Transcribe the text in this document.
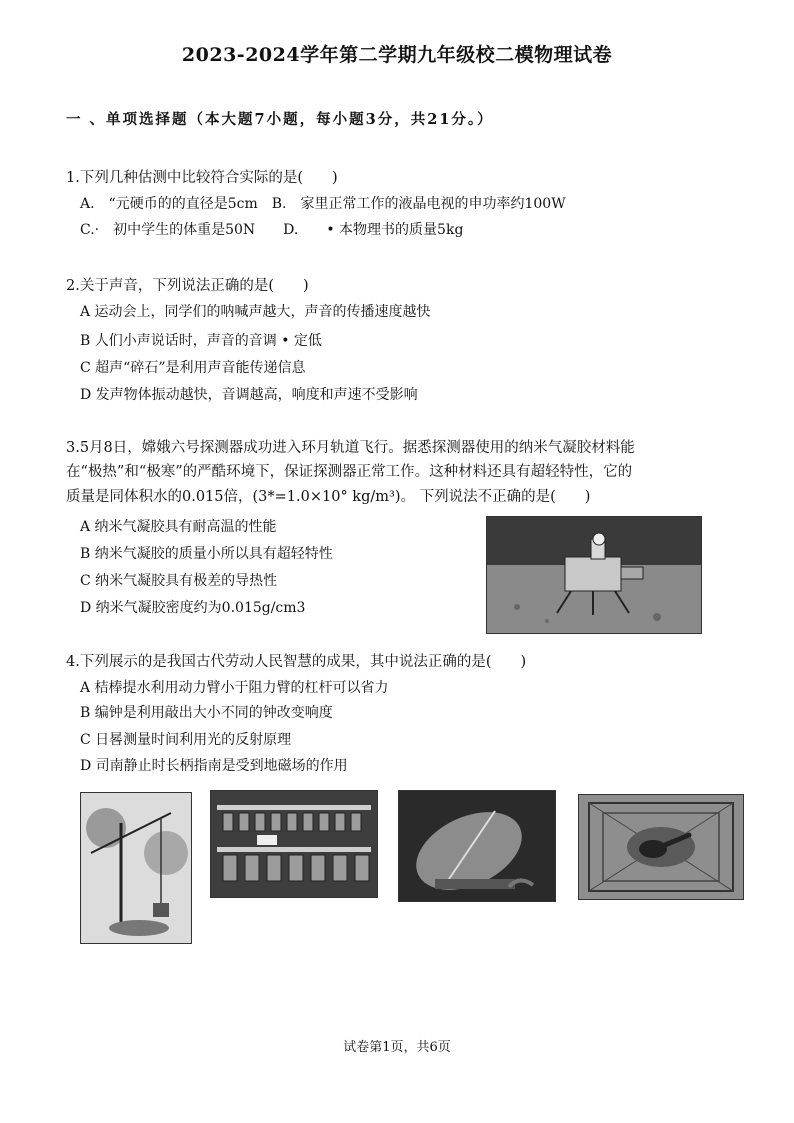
2023-2024学年第二学期九年级校二模物理试卷
一 、单项选择题（本大题7小题，每小题3分，共21分。）
1.下列几种估测中比较符合实际的是(　　)
A.　“元硬币的的直径是5cm　B.　家里正常工作的液晶电视的申功率约100W
C.·　初中学生的体重是50N　　D.　　• 本物理书的质量5kg
2.关于声音，下列说法正确的是(　　)
A 运动会上，同学们的呐喊声越大，声音的传播速度越快
B 人们小声说话时，声音的音调 • 定低
C 超声“碎石”是利用声音能传递信息
D 发声物体振动越快，音调越高，响度和声速不受影响
3.5月8日，嫦娥六号探测器成功进入环月轨道飞行。据悉探测器使用的纳米气凝胶材料能
在“极热”和“极寒”的严酷环境下，保证探测器正常工作。这种材料还具有超轻特性，它的
质量是同体积水的0.015倍，(3*=1.0×10° kg/m³)。 下列说法不正确的是(　　)
A 纳米气凝胶具有耐高温的性能
B 纳米气凝胶的质量小所以具有超轻特性
C 纳米气凝胶具有极差的导热性
D 纳米气凝胶密度约为0.015g/cm3
4.下列展示的是我国古代劳动人民智慧的成果，其中说法正确的是(　　)
A 桔棒提水利用动力臂小于阻力臂的杠杆可以省力
B 编钟是利用敲出大小不同的钟改变响度
C 日晷测量时间利用光的反射原理
D 司南静止时长柄指南是受到地磁场的作用
试卷第1页，共6页
